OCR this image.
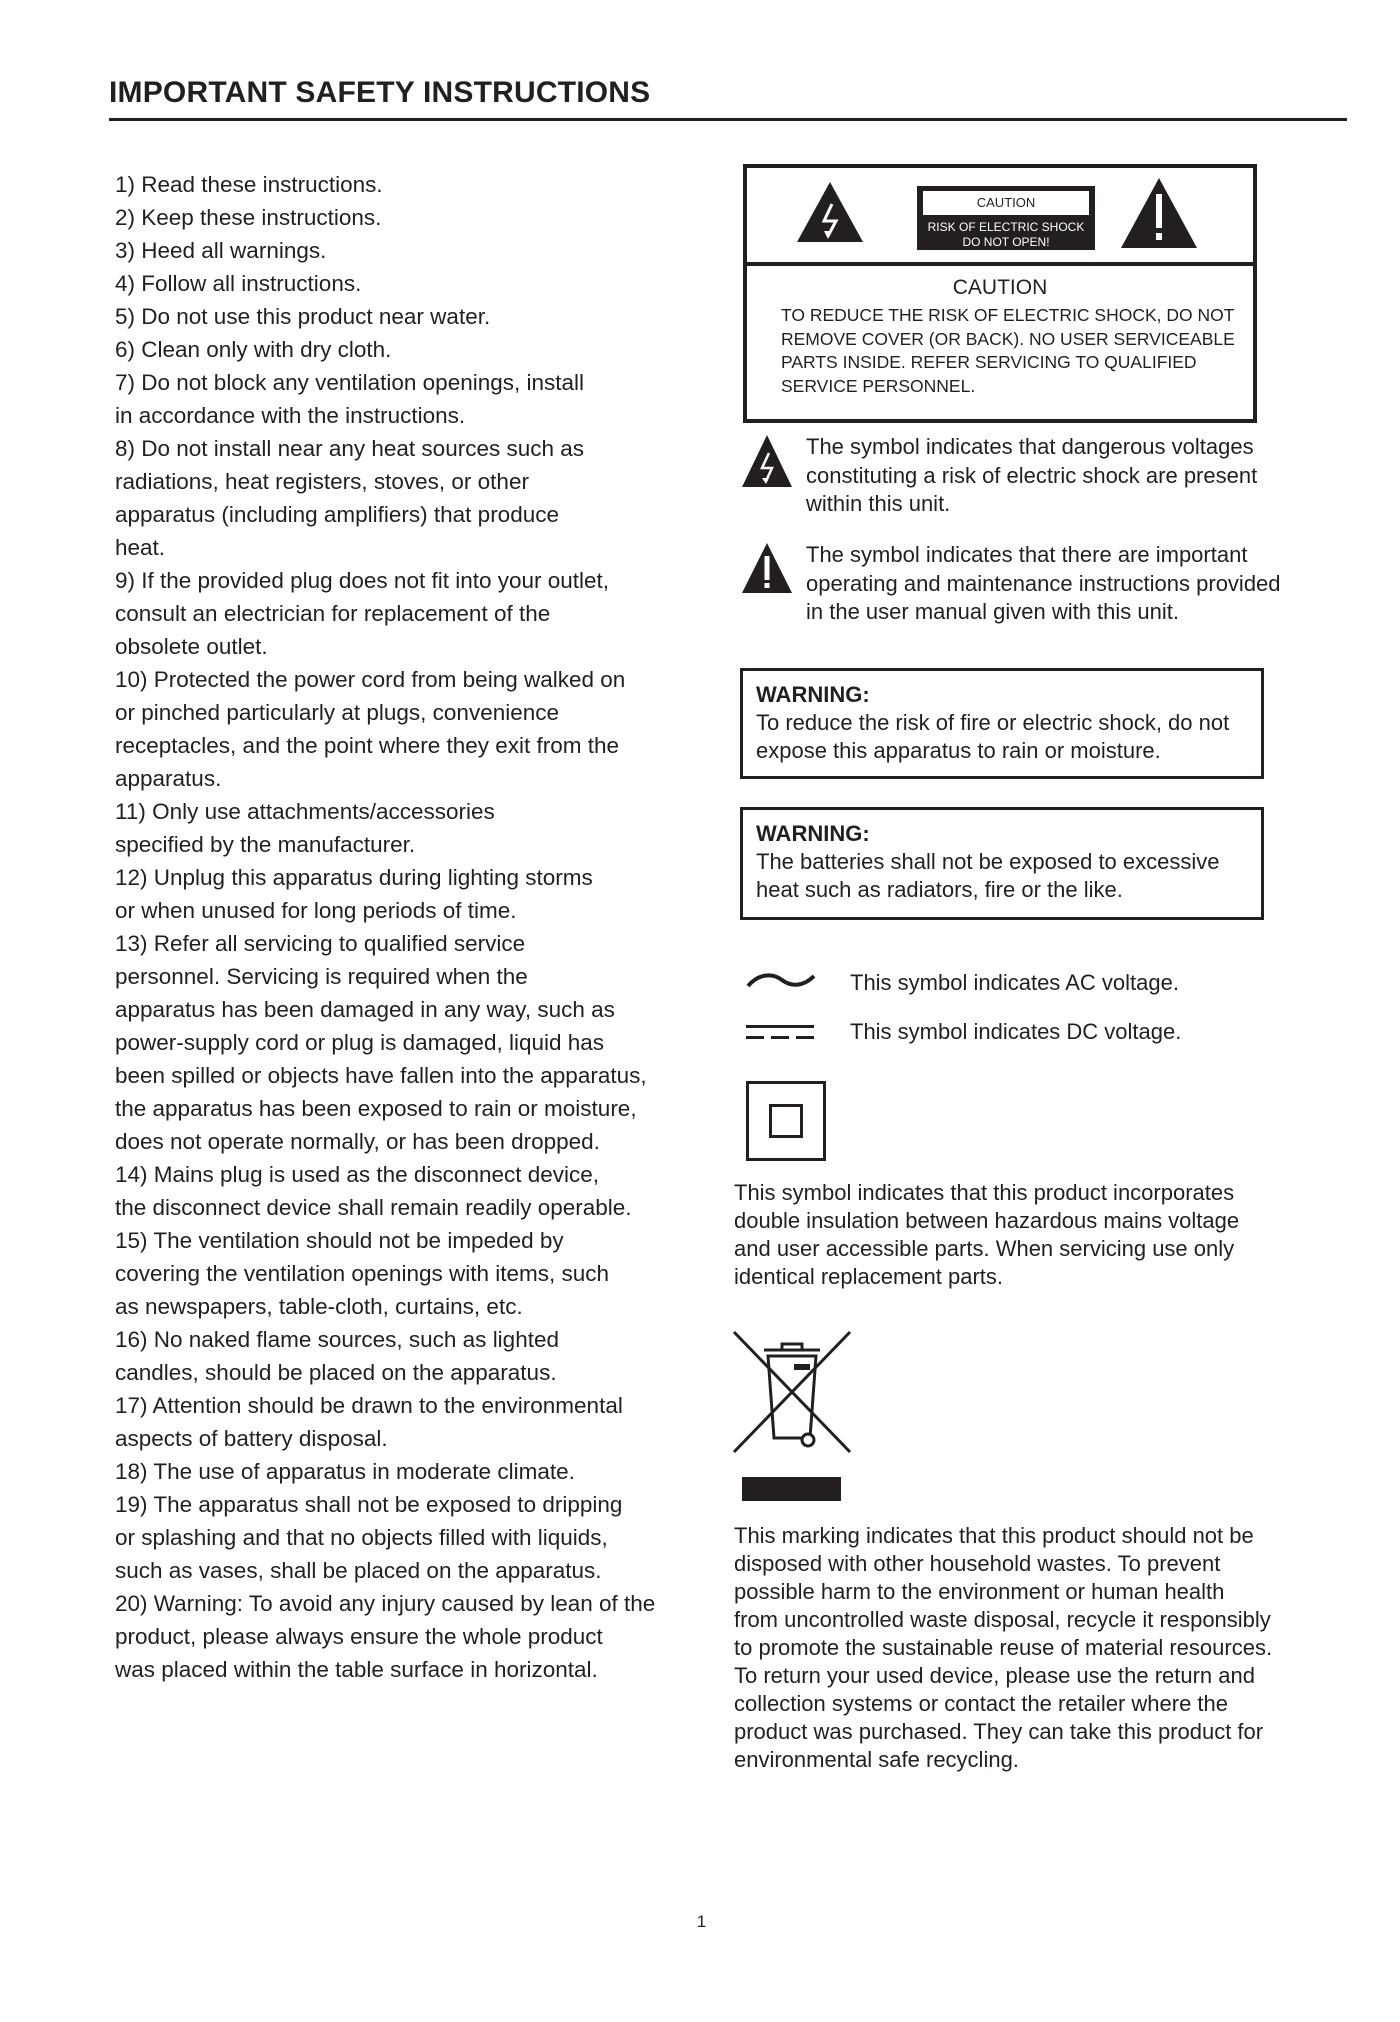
IMPORTANT SAFETY INSTRUCTIONS
1) Read these instructions.
2) Keep these instructions.
3) Heed all warnings.
4) Follow all instructions.
5) Do not use this product near water.
6) Clean only with dry cloth.
7) Do not block any ventilation openings, install
in accordance with the instructions.
8) Do not install near any heat sources such as
radiations, heat registers, stoves, or other
apparatus (including amplifiers) that produce
heat.
9) If the provided plug does not fit into your outlet,
consult an electrician for replacement of the
obsolete outlet.
10) Protected the power cord from being walked on
or pinched particularly at plugs, convenience
receptacles, and the point where they exit from the
apparatus.
11) Only use attachments/accessories
specified by the manufacturer.
12) Unplug this apparatus during lighting storms
or when unused for long periods of time.
13) Refer all servicing to qualified service
personnel. Servicing is required when the
apparatus has been damaged in any way, such as
power-supply cord or plug is damaged, liquid has
been spilled or objects have fallen into the apparatus,
the apparatus has been exposed to rain or moisture,
does not operate normally, or has been dropped.
14) Mains plug is used as the disconnect device,
the disconnect device shall remain readily operable.
15) The ventilation should not be impeded by
covering the ventilation openings with items, such
as newspapers, table-cloth, curtains, etc.
16) No naked flame sources, such as lighted
candles, should be placed on the apparatus.
17) Attention should be drawn to the environmental
aspects of battery disposal.
18) The use of apparatus in moderate climate.
19) The apparatus shall not be exposed to dripping
or splashing and that no objects filled with liquids,
such as vases, shall be placed on the apparatus.
20) Warning: To avoid any injury caused by lean of the
product, please always ensure the whole product
was placed within the table surface in horizontal.
CAUTION
RISK OF ELECTRIC SHOCK
DO NOT OPEN!
CAUTION
TO REDUCE THE RISK OF ELECTRIC SHOCK, DO NOT REMOVE COVER (OR BACK). NO USER SERVICEABLE PARTS INSIDE. REFER SERVICING TO QUALIFIED SERVICE PERSONNEL.
The symbol indicates that dangerous voltages constituting a risk of electric shock are present within this unit.
The symbol indicates that there are important operating and maintenance instructions provided in the user manual given with this unit.
WARNING:
To reduce the risk of fire or electric shock, do not expose this apparatus to rain or moisture.
WARNING:
The batteries shall not be exposed to excessive heat such as radiators, fire or the like.
This symbol indicates AC voltage.
This symbol indicates DC voltage.
This symbol indicates that this product incorporates double insulation between hazardous mains voltage and user accessible parts. When servicing use only identical replacement parts.
This marking indicates that this product should not be disposed with other household wastes. To prevent possible harm to the environment or human health from uncontrolled waste disposal, recycle it responsibly to promote the sustainable reuse of material resources. To return your used device, please use the return and collection systems or contact the retailer where the product was purchased. They can take this product for environmental safe recycling.
1
